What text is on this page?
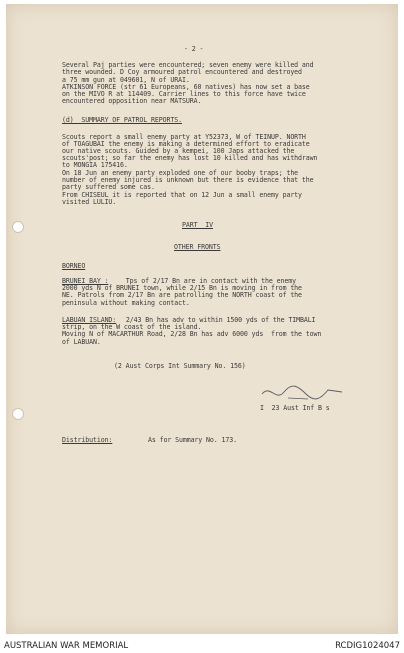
- 2 -
Several Paj parties were encountered; seven enemy were killed and
three wounded. D Coy armoured patrol encountered and destroyed
a 75 mm gun at 049601, N of URAI.
ATKINSON FORCE (str 61 Europeans, 60 natives) has now set a base
on the MIVO R at 114409. Carrier lines to this force have twice
encountered opposition near MATSURA.
(d)  SUMMARY OF PATROL REPORTS.
Scouts report a small enemy party at Y52373, W of TEINUP. NORTH
of TOAGUBAI the enemy is making a determined effort to eradicate
our native scouts. Guided by a kempei, 100 Japs attacked the
scouts'post; so far the enemy has lost 10 killed and has withdrawn
to MONGIA 175416.
On 18 Jun an enemy party exploded one of our booby traps; the
number of enemy injured is unknown but there is evidence that the
party suffered some cas.
From CHISEUL it is reported that on 12 Jun a small enemy party
visited LULIU.
PART  IV
OTHER FRONTS
BORNEO
BRUNEI BAY : Tps of 2/17 Bn are in contact with the enemy
2000 yds N of BRUNEI town, while 2/15 Bn is moving in from the
NE. Patrols from 2/17 Bn are patrolling the NORTH coast of the
peninsula without making contact.
LABUAN ISLAND: 2/43 Bn has adv to within 1500 yds of the TIMBALI
strip, on the W coast of the island.
Moving N of MACARTHUR Road, 2/28 Bn has adv 6000 yds  from the town
of LABUAN.
(2 Aust Corps Int Summary No. 156)
I  23 Aust Inf B s
Distribution:	As for Summary No. 173.
AUSTRALIAN WAR MEMORIAL	RCDIG1024047
